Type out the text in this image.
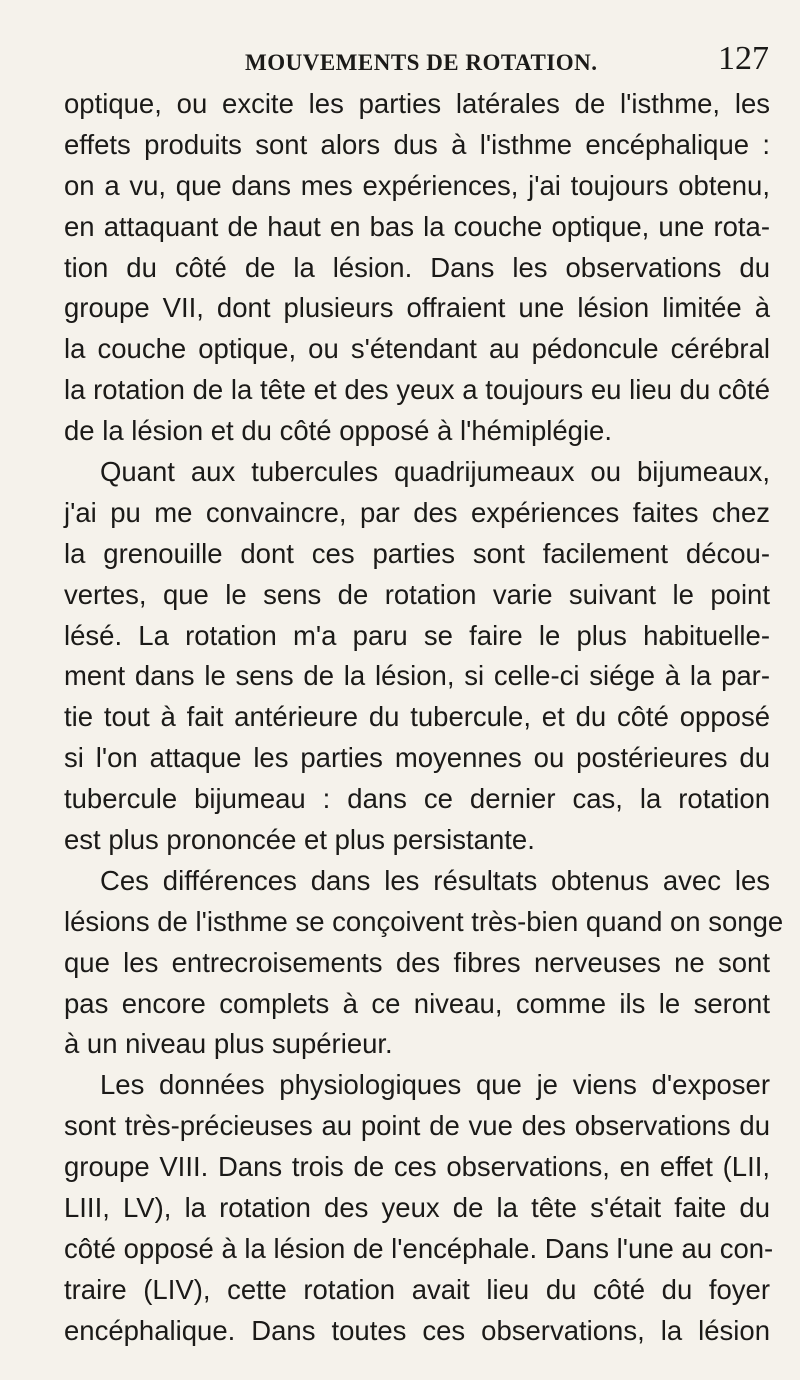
MOUVEMENTS DE ROTATION.	127
optique, ou excite les parties latérales de l'isthme, les
effets produits sont alors dus à l'isthme encéphalique :
on a vu, que dans mes expériences, j'ai toujours obtenu,
en attaquant de haut en bas la couche optique, une rota-
tion du côté de la lésion. Dans les observations du
groupe VII, dont plusieurs offraient une lésion limitée à
la couche optique, ou s'étendant au pédoncule cérébral
la rotation de la tête et des yeux a toujours eu lieu du côté
de la lésion et du côté opposé à l'hémiplégie.
Quant aux tubercules quadrijumeaux ou bijumeaux,
j'ai pu me convaincre, par des expériences faites chez
la grenouille dont ces parties sont facilement décou-
vertes, que le sens de rotation varie suivant le point
lésé. La rotation m'a paru se faire le plus habituelle-
ment dans le sens de la lésion, si celle-ci siége à la par-
tie tout à fait antérieure du tubercule, et du côté opposé
si l'on attaque les parties moyennes ou postérieures du
tubercule bijumeau : dans ce dernier cas, la rotation
est plus prononcée et plus persistante.
Ces différences dans les résultats obtenus avec les
lésions de l'isthme se conçoivent très-bien quand on songe
que les entrecroisements des fibres nerveuses ne sont
pas encore complets à ce niveau, comme ils le seront
à un niveau plus supérieur.
Les données physiologiques que je viens d'exposer
sont très-précieuses au point de vue des observations du
groupe VIII. Dans trois de ces observations, en effet (LII,
LIII, LV), la rotation des yeux de la tête s'était faite du
côté opposé à la lésion de l'encéphale. Dans l'une au con-
traire (LIV), cette rotation avait lieu du côté du foyer
encéphalique. Dans toutes ces observations, la lésion
